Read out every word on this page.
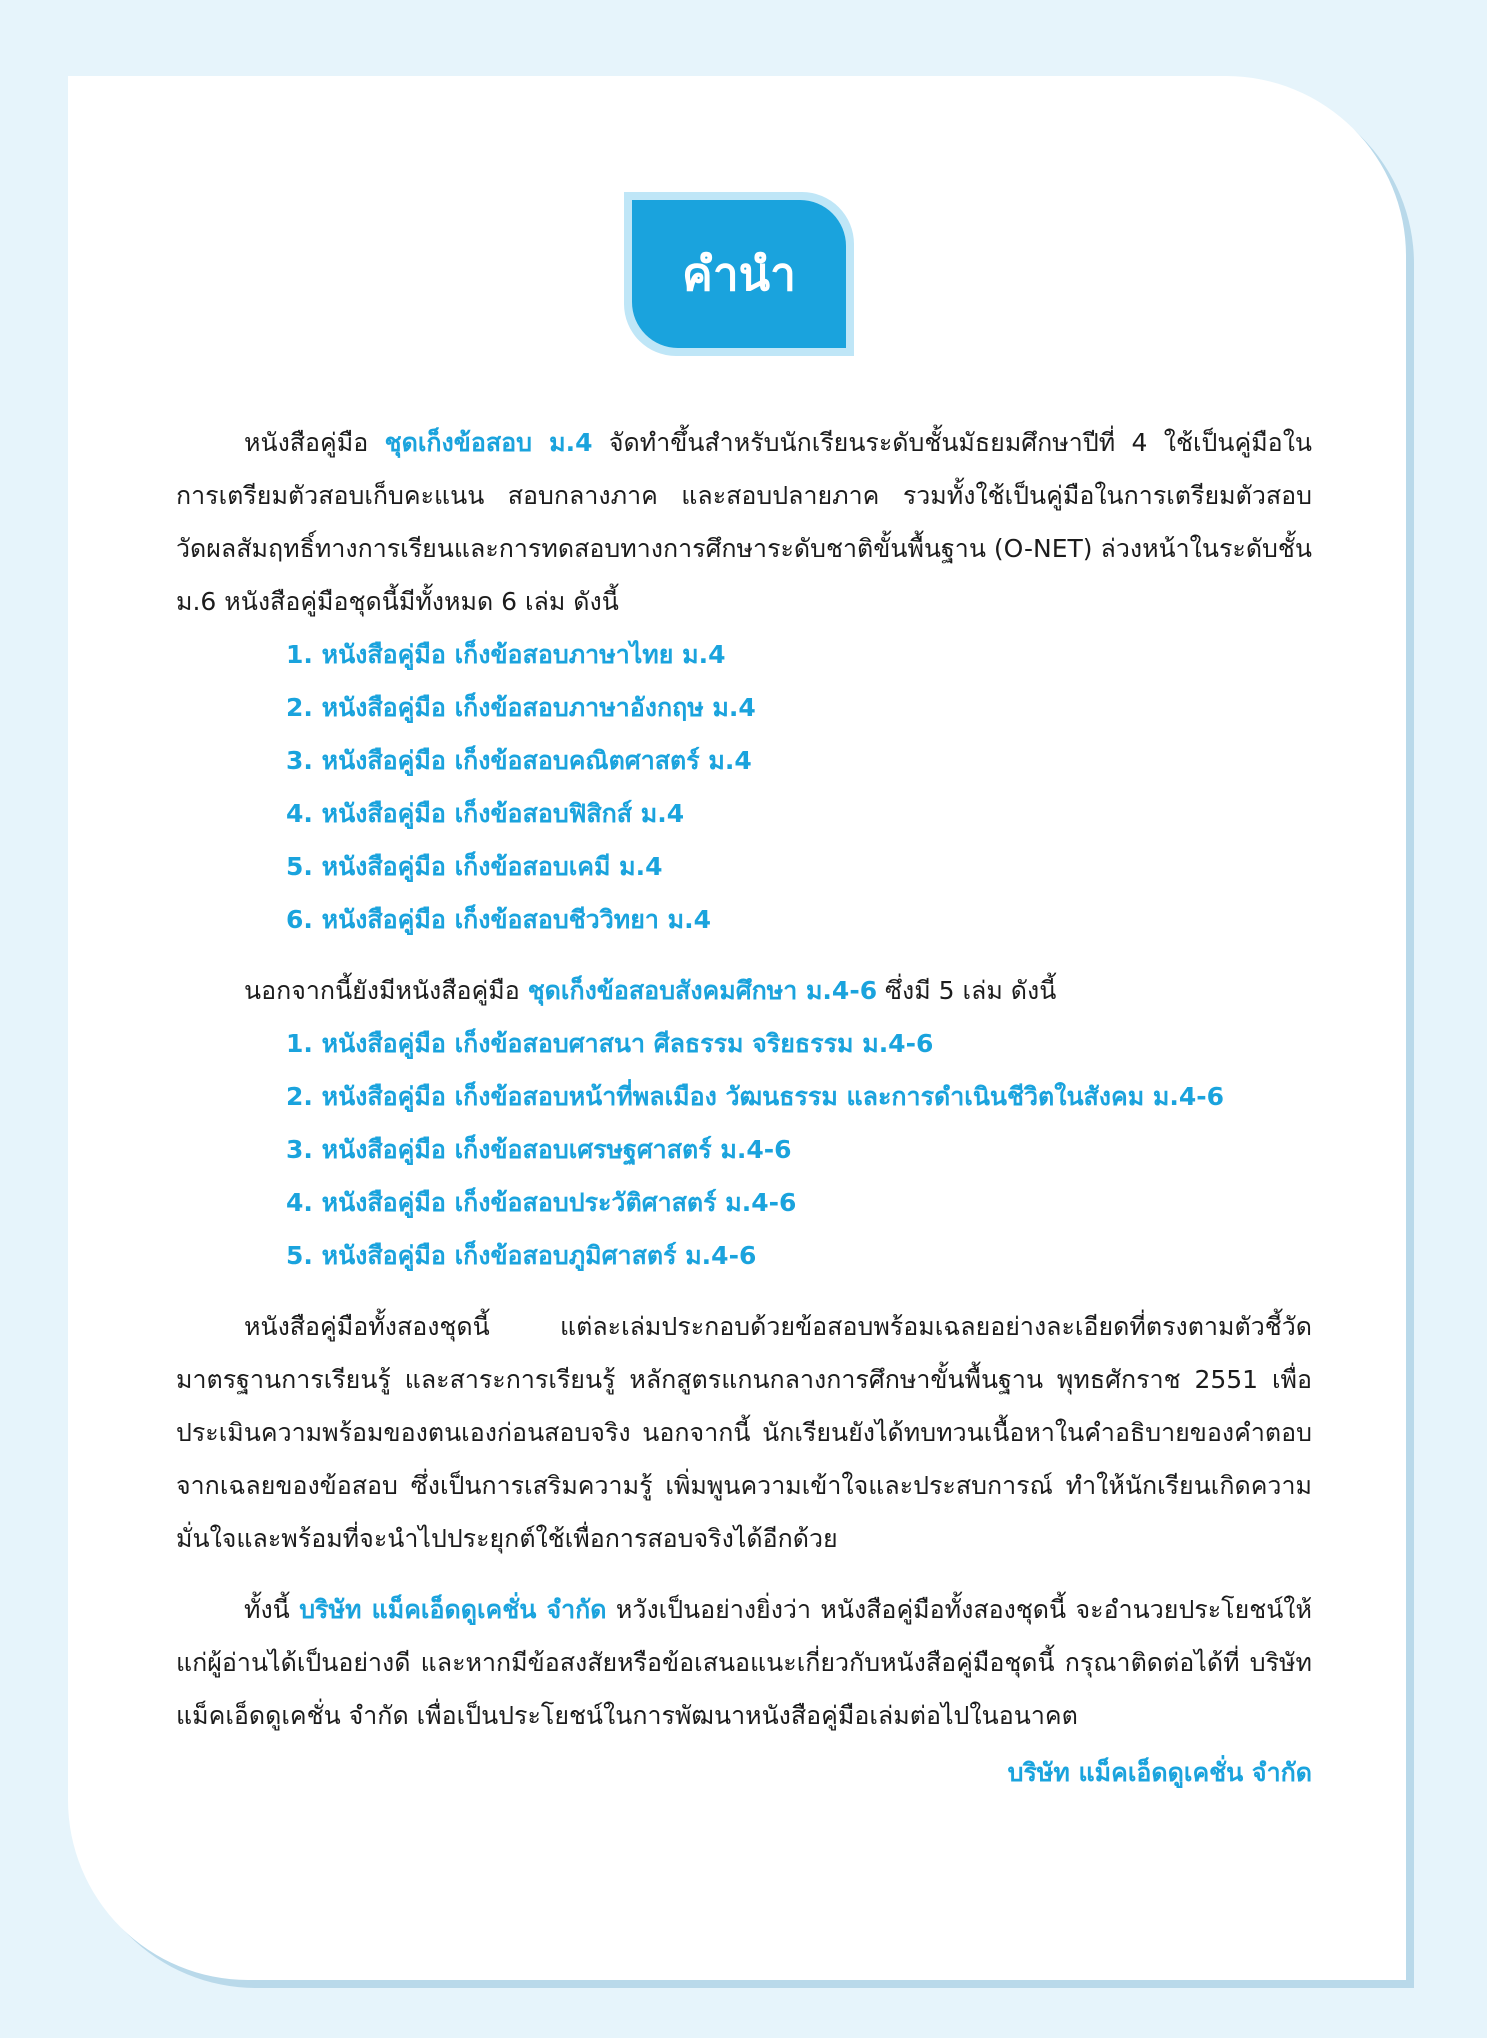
คำนำ
หนังสือคู่มือ ชุดเก็งข้อสอบ ม.4 จัดทำขึ้นสำหรับนักเรียนระดับชั้นมัธยมศึกษาปีที่ 4 ใช้เป็นคู่มือในการเตรียมตัวสอบเก็บคะแนน สอบกลางภาค และสอบปลายภาค รวมทั้งใช้เป็นคู่มือในการเตรียมตัวสอบวัดผลสัมฤทธิ์ทางการเรียนและการทดสอบทางการศึกษาระดับชาติขั้นพื้นฐาน (O-NET) ล่วงหน้าในระดับชั้น ม.6 หนังสือคู่มือชุดนี้มีทั้งหมด 6 เล่ม ดังนี้
1. หนังสือคู่มือ เก็งข้อสอบภาษาไทย ม.4
2. หนังสือคู่มือ เก็งข้อสอบภาษาอังกฤษ ม.4
3. หนังสือคู่มือ เก็งข้อสอบคณิตศาสตร์ ม.4
4. หนังสือคู่มือ เก็งข้อสอบฟิสิกส์ ม.4
5. หนังสือคู่มือ เก็งข้อสอบเคมี ม.4
6. หนังสือคู่มือ เก็งข้อสอบชีววิทยา ม.4
นอกจากนี้ยังมีหนังสือคู่มือ ชุดเก็งข้อสอบสังคมศึกษา ม.4-6 ซึ่งมี 5 เล่ม ดังนี้
1. หนังสือคู่มือ เก็งข้อสอบศาสนา ศีลธรรม จริยธรรม ม.4-6
2. หนังสือคู่มือ เก็งข้อสอบหน้าที่พลเมือง วัฒนธรรม และการดำเนินชีวิตในสังคม ม.4-6
3. หนังสือคู่มือ เก็งข้อสอบเศรษฐศาสตร์ ม.4-6
4. หนังสือคู่มือ เก็งข้อสอบประวัติศาสตร์ ม.4-6
5. หนังสือคู่มือ เก็งข้อสอบภูมิศาสตร์ ม.4-6
หนังสือคู่มือทั้งสองชุดนี้ แต่ละเล่มประกอบด้วยข้อสอบพร้อมเฉลยอย่างละเอียดที่ตรงตามตัวชี้วัด มาตรฐานการเรียนรู้ และสาระการเรียนรู้ หลักสูตรแกนกลางการศึกษาขั้นพื้นฐาน พุทธศักราช 2551 เพื่อประเมินความพร้อมของตนเองก่อนสอบจริง นอกจากนี้ นักเรียนยังได้ทบทวนเนื้อหาในคำอธิบายของคำตอบจากเฉลยของข้อสอบ ซึ่งเป็นการเสริมความรู้ เพิ่มพูนความเข้าใจและประสบการณ์ ทำให้นักเรียนเกิดความมั่นใจและพร้อมที่จะนำไปประยุกต์ใช้เพื่อการสอบจริงได้อีกด้วย
ทั้งนี้ บริษัท แม็คเอ็ดดูเคชั่น จำกัด หวังเป็นอย่างยิ่งว่า หนังสือคู่มือทั้งสองชุดนี้ จะอำนวยประโยชน์ให้แก่ผู้อ่านได้เป็นอย่างดี และหากมีข้อสงสัยหรือข้อเสนอแนะเกี่ยวกับหนังสือคู่มือชุดนี้ กรุณาติดต่อได้ที่ บริษัท แม็คเอ็ดดูเคชั่น จำกัด เพื่อเป็นประโยชน์ในการพัฒนาหนังสือคู่มือเล่มต่อไปในอนาคต
บริษัท แม็คเอ็ดดูเคชั่น จำกัด
